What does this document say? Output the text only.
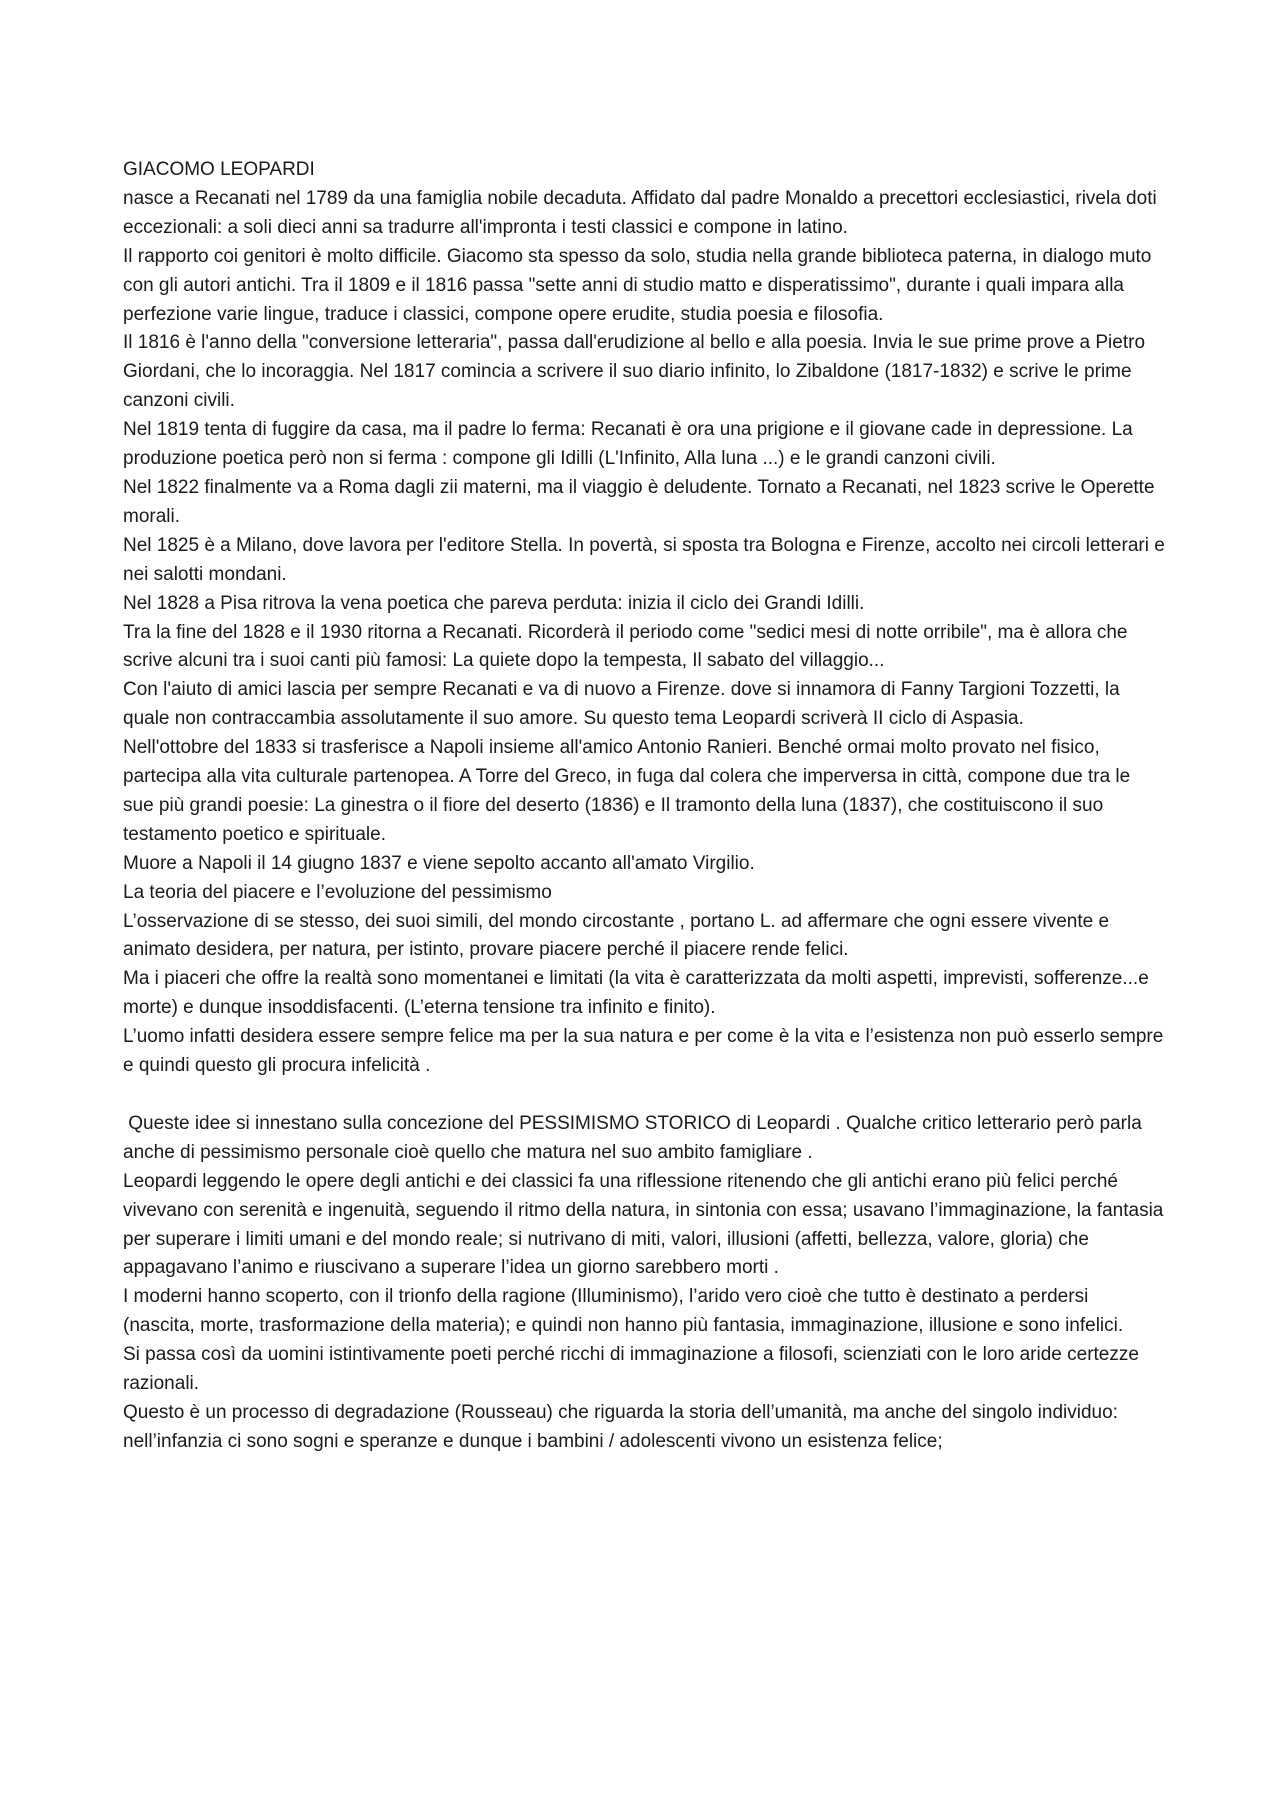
GIACOMO LEOPARDI

nasce a Recanati nel 1789 da una famiglia nobile decaduta. Affidato dal padre Monaldo a precettori ecclesiastici, rivela doti eccezionali: a soli dieci anni sa tradurre all'impronta i testi classici e compone in latino.

Il rapporto coi genitori è molto difficile. Giacomo sta spesso da solo, studia nella grande biblioteca paterna, in dialogo muto con gli autori antichi. Tra il 1809 e il 1816 passa "sette anni di studio matto e disperatissimo", durante i quali impara alla perfezione varie lingue, traduce i classici, compone opere erudite, studia poesia e filosofia.

Il 1816 è l'anno della "conversione letteraria", passa dall'erudizione al bello e alla poesia. Invia le sue prime prove a Pietro Giordani, che lo incoraggia. Nel 1817 comincia a scrivere il suo diario infinito, lo Zibaldone (1817-1832) e scrive le prime canzoni civili.

Nel 1819 tenta di fuggire da casa, ma il padre lo ferma: Recanati è ora una prigione e il giovane cade in depressione. La produzione poetica però non si ferma : compone gli Idilli (L'Infinito, Alla luna ...) e le grandi canzoni civili.

Nel 1822 finalmente va a Roma dagli zii materni, ma il viaggio è deludente. Tornato a Recanati, nel 1823 scrive le Operette morali.

Nel 1825 è a Milano, dove lavora per l'editore Stella. In povertà, si sposta tra Bologna e Firenze, accolto nei circoli letterari e nei salotti mondani.

Nel 1828 a Pisa ritrova la vena poetica che pareva perduta: inizia il ciclo dei Grandi Idilli.

Tra la fine del 1828 e il 1930 ritorna a Recanati. Ricorderà il periodo come "sedici mesi di notte orribile", ma è allora che scrive alcuni tra i suoi canti più famosi: La quiete dopo la tempesta, Il sabato del villaggio...

Con l'aiuto di amici lascia per sempre Recanati e va di nuovo a Firenze. dove si innamora di Fanny Targioni Tozzetti, la quale non contraccambia assolutamente il suo amore. Su questo tema Leopardi scriverà II ciclo di Aspasia.

Nell'ottobre del 1833 si trasferisce a Napoli insieme all'amico Antonio Ranieri. Benché ormai molto provato nel fisico, partecipa alla vita culturale partenopea. A Torre del Greco, in fuga dal colera che imperversa in città, compone due tra le sue più grandi poesie: La ginestra o il fiore del deserto (1836) e Il tramonto della luna (1837), che costituiscono il suo testamento poetico e spirituale.

Muore a Napoli il 14 giugno 1837 e viene sepolto accanto all'amato Virgilio.

La teoria del piacere e l’evoluzione del pessimismo

L’osservazione di se stesso, dei suoi simili, del mondo circostante , portano L. ad affermare che ogni essere vivente e animato desidera, per natura, per istinto, provare piacere perché il piacere rende felici.

Ma i piaceri che offre la realtà sono momentanei e limitati (la vita è caratterizzata da molti aspetti, imprevisti, sofferenze...e morte) e dunque insoddisfacenti. (L’eterna tensione tra infinito e finito).

L’uomo infatti desidera essere sempre felice ma per la sua natura e per come è la vita e l’esistenza non può esserlo sempre e quindi questo gli procura infelicità .

Queste idee si innestano sulla concezione del PESSIMISMO STORICO di Leopardi . Qualche critico letterario però parla anche di pessimismo personale cioè quello che matura nel suo ambito famigliare .

Leopardi leggendo le opere degli antichi e dei classici fa una riflessione ritenendo che gli antichi erano più felici perché vivevano con serenità e ingenuità, seguendo il ritmo della natura, in sintonia con essa; usavano l’immaginazione, la fantasia per superare i limiti umani e del mondo reale; si nutrivano di miti, valori, illusioni (affetti, bellezza, valore, gloria) che appagavano l’animo e riuscivano a superare l’idea un giorno sarebbero morti .

I moderni hanno scoperto, con il trionfo della ragione (Illuminismo), l’arido vero cioè che tutto è destinato a perdersi (nascita, morte, trasformazione della materia); e quindi non hanno più fantasia, immaginazione, illusione e sono infelici.

Si passa così da uomini istintivamente poeti perché ricchi di immaginazione a filosofi, scienziati con le loro aride certezze razionali.

Questo è un processo di degradazione (Rousseau) che riguarda la storia dell’umanità, ma anche del singolo individuo:

nell’infanzia ci sono sogni e speranze e dunque i bambini / adolescenti vivono un esistenza felice;
